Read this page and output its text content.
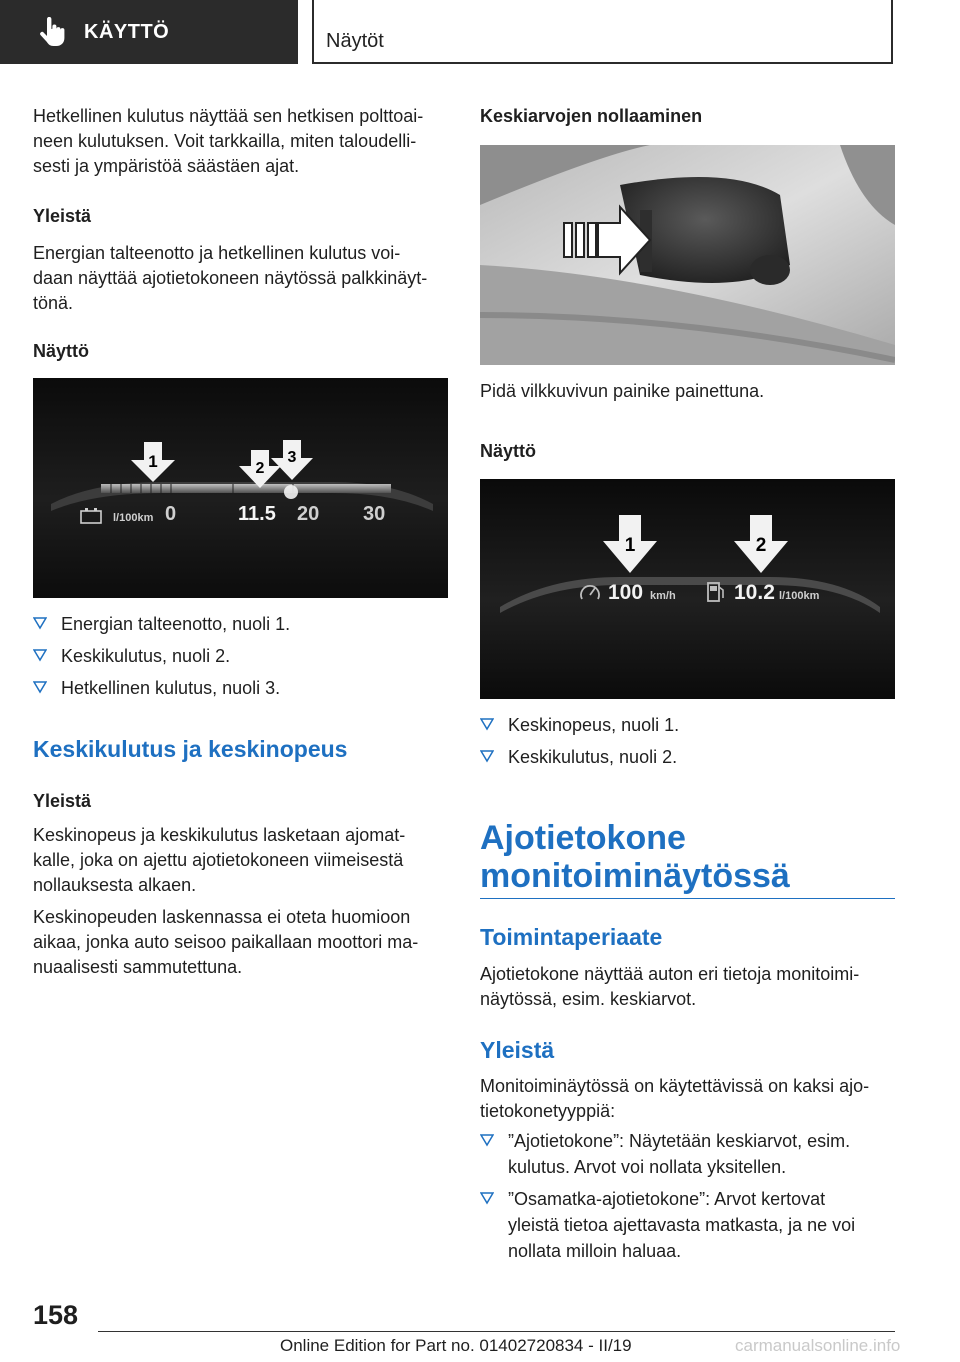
KÄYTTÖ	Näytöt

Hetkellinen kulutus näyttää sen hetkisen polttoai-
neen kulutuksen. Voit tarkkailla, miten taloudelli-
sesti ja ympäristöä säästäen ajat.

Yleistä

Energian talteenotto ja hetkellinen kulutus voi-
daan näyttää ajotietokoneen näytössä palkkinäyt-
tönä.

Näyttö

l/100km 0	11.5 20 30
1	2
3
Energian talteenotto, nuoli 1.
Keskikulutus, nuoli 2.
Hetkellinen kulutus, nuoli 3.

Keskikulutus ja keskinopeus

Yleistä

Keskinopeus ja keskikulutus lasketaan ajomat-
kalle, joka on ajettu ajotietokoneen viimeisestä
nollauksesta alkaen.

Keskinopeuden laskennassa ei oteta huomioon
aikaa, jonka auto seisoo paikallaan moottori ma-
nuaalisesti sammutettuna.

Keskiarvojen nollaaminen

Pidä vilkkuvivun painike painettuna.

Näyttö

100 km/h	10.2 l/100km
1	2
Keskinopeus, nuoli 1.
Keskikulutus, nuoli 2.

Ajotietokone

monitoiminäytössä

Toimintaperiaate

Ajotietokone näyttää auton eri tietoja monitoimi-
näytössä, esim. keskiarvot.

Yleistä

Monitoiminäytössä on käytettävissä on kaksi ajo-
tietokonetyyppiä:

”Ajotietokone”: Näytetään keskiarvot, esim.
kulutus. Arvot voi nollata yksitellen.
”Osamatka-ajotietokone”: Arvot kertovat
yleistä tietoa ajettavasta matkasta, ja ne voi
nollata milloin haluaa.
158
Online Edition for Part no. 01402720834 - II/19	carmanualsonline.info
